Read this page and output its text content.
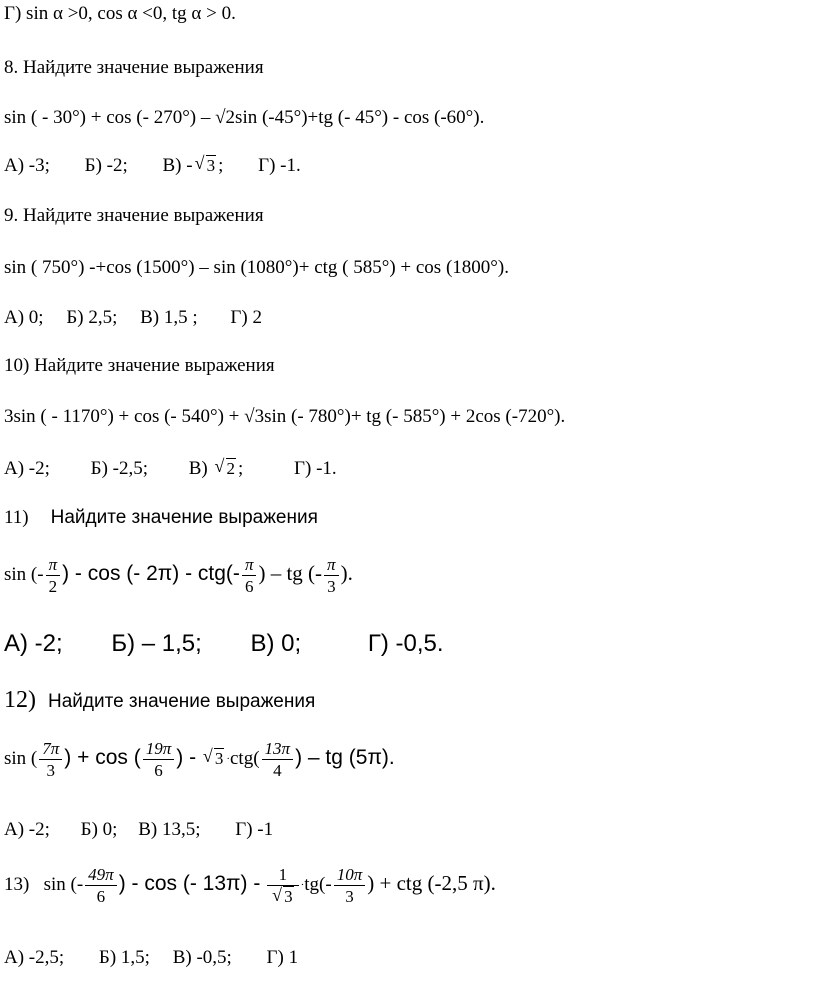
Г) sin α >0, cos α <0, tg α > 0.
8. Найдите значение выражения
sin ( - 30°) + cos (- 270°) – √2sin (-45°)+tg (- 45°) - cos (-60°).
А) -3; Б) -2; В) - √ 3 ; Г) -1.
9. Найдите значение выражения
sin ( 750°) -+cos (1500°) – sin (1080°)+ ctg ( 585°) + cos (1800°).
А) 0; Б) 2,5; В) 1,5 ; Г) 2
10) Найдите значение выражения
3sin ( - 1170°) + cos (- 540°) + √3sin (- 780°)+ tg (- 585°) + 2cos (-720°).
А) -2; Б) -2,5; В) √ 2 ;	Г) -1.
11) Найдите значение выражения
sin (- $\frac{\pi}{2}$ ) - cos (- $2\pi) - ctg(- \frac{\pi}{6}$ ) – tg (- $\frac{\pi}{3}$ ).
А) -2; Б) – 1,5; В) 0;	Г) -0,5.
12) Найдите значение выражения
sin ( $\frac{7\pi}{3}$ ) + cos ( $\frac{19\pi}{6}$ ) - √ $3 \cdot ctg( \frac{13\pi}{4}$ ) – tg (5π).
А) -2; Б) 0; В) 13,5; Г) -1
13) sin (- $\frac{49\pi}{6}$ ) - cos (- 13π) - 1
√ $3 \cdot tg(- \frac{10\pi}{3}$ ) + ctg (-2,5 π).
А) -2,5; Б) 1,5; В) -0,5; Г) 1
